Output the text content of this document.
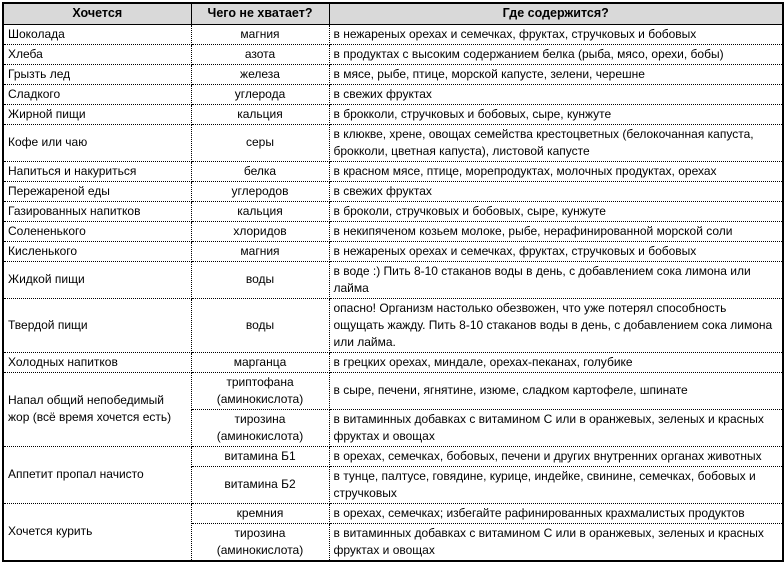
Хочется	Чего не хватает?	Где содержится?
Шоколада	магния	в нежареных орехах и семечках, фруктах, стручковых и бобовых
Хлеба	азота	в продуктах с высоким содержанием белка (рыба, мясо, орехи, бобы)
Грызть лед	железа	в мясе, рыбе, птице, морской капусте, зелени, черешне
Сладкого	углерода	в свежих фруктах
Жирной пищи	кальция	в брокколи, стручковых и бобовых, сыре, кунжуте
Кофе или чаю	серы	в клюкве, хрене, овощах семейства крестоцветных (белокочанная капуста, брокколи, цветная капуста), листовой капусте
Напиться и накуриться	белка	в красном мясе, птице, морепродуктах, молочных продуктах, орехах
Пережареной еды	углеродов	в свежих фруктах
Газированных напитков	кальция	в броколи, стручковых и бобовых, сыре, кунжуте
Солененького	хлоридов	в некипяченом козьем молоке, рыбе, нерафинированной морской соли
Кисленького	магния	в нежареных орехах и семечках, фруктах, стручковых и бобовых
Жидкой пищи	воды	в воде :) Пить 8-10 стаканов воды в день, с добавлением сока лимона или лайма
Твердой пищи	воды	опасно! Организм настолько обезвожен, что уже потерял способность ощущать жажду. Пить 8-10 стаканов воды в день, с добавлением сока лимона или лайма.
Холодных напитков	марганца	в грецких орехах, миндале, орехах-пеканах, голубике
Напал общий непобедимый жор (всё время хочется есть)	триптофана (аминокислота)	в сыре, печени, ягнятине, изюме, сладком картофеле, шпинате
	тирозина (аминокислота)	в витаминных добавках с витамином С или в оранжевых, зеленых и красных фруктах и овощах
Аппетит пропал начисто	витамина Б1	в орехах, семечках, бобовых, печени и других внутренних органах животных
	витамина Б2	в тунце, палтусе, говядине, курице, индейке, свинине, семечках, бобовых и стручковых
Хочется курить	кремния	в орехах, семечках; избегайте рафинированных крахмалистых продуктов
	тирозина (аминокислота)	в витаминных добавках с витамином С или в оранжевых, зеленых и красных фруктах и овощах
